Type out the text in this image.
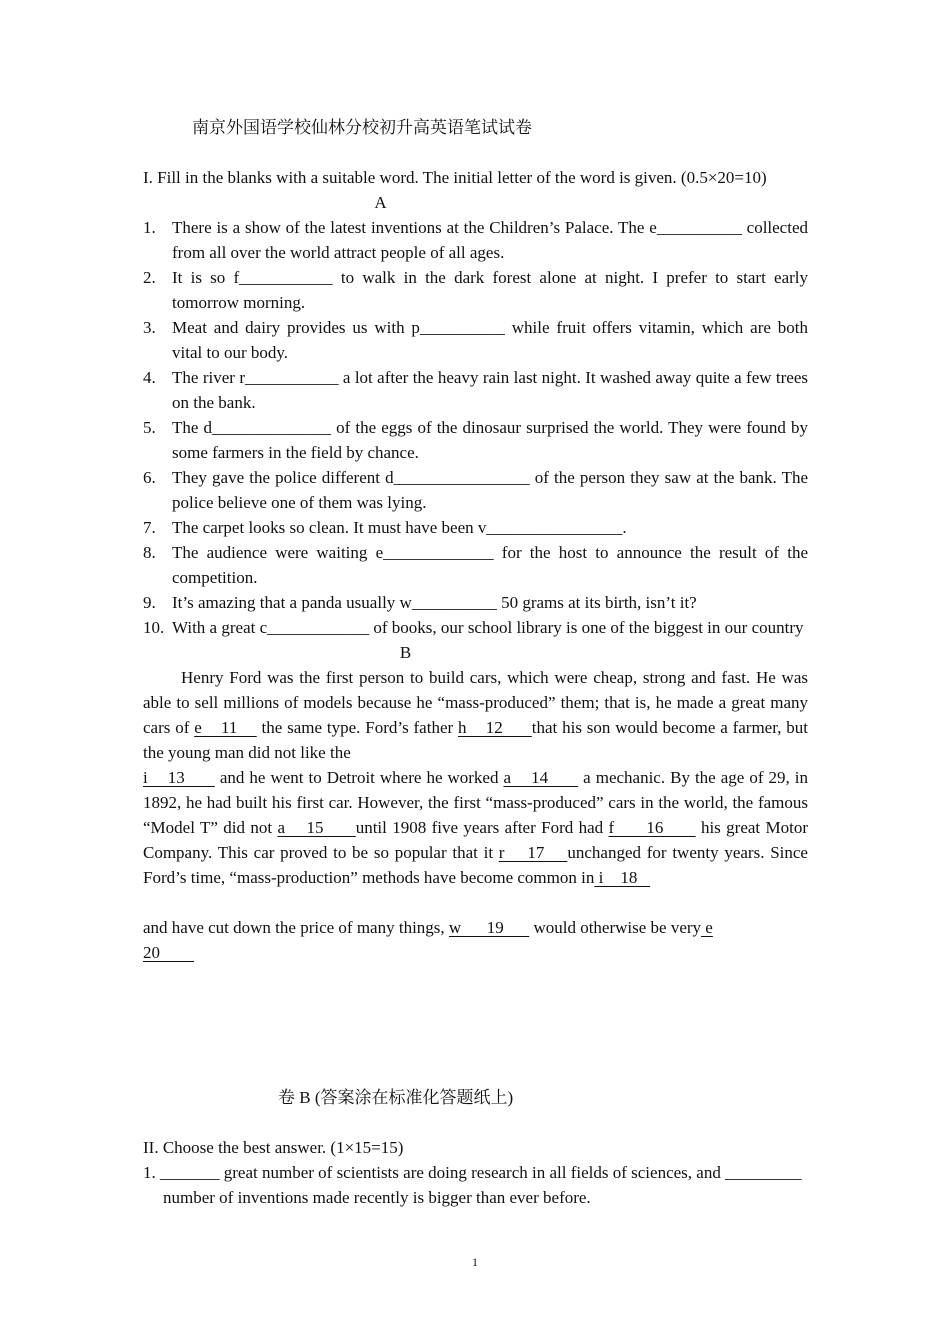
南京外国语学校仙林分校初升高英语笔试试卷
I. Fill in the blanks with a suitable word. The initial letter of the word is given. (0.5×20=10)
A
1. There is a show of the latest inventions at the Children’s Palace. The e__________ collected from all over the world attract people of all ages.
2. It is so f___________ to walk in the dark forest alone at night. I prefer to start early tomorrow morning.
3. Meat and dairy provides us with p__________ while fruit offers vitamin, which are both vital to our body.
4. The river r___________ a lot after the heavy rain last night. It washed away quite a few trees on the bank.
5. The d______________ of the eggs of the dinosaur surprised the world. They were found by some farmers in the field by chance.
6. They gave the police different d________________ of the person they saw at the bank. The police believe one of them was lying.
7. The carpet looks so clean. It must have been v________________.
8. The audience were waiting e_____________ for the host to announce the result of the competition.
9. It’s amazing that a panda usually w__________ 50 grams at its birth, isn’t it?
10. With a great c____________ of books, our school library is one of the biggest in our country
B

Henry Ford was the first person to build cars, which were cheap, strong and fast. He was able to sell millions of models because he “mass-produced” them; that is, he made a great many cars of e    11     the same type. Ford’s father h    12      that his son would become a farmer, but the young man did not like the

i    13       and he went to Detroit where he worked a    14       a mechanic. By the age of 29, in 1892, he had built his first car. However, the first “mass-produced” cars in the world, the famous “Model T” did not a    15      until 1908 five years after Ford had f      16       his great Motor Company. This car proved to be so popular that it r    17    unchanged for twenty years. Since Ford’s time, “mass-production” methods have become common in i    18

and have cut down the price of many things, w      19       would otherwise be very e

20

卷 B (答案涂在标准化答题纸上)
II. Choose the best answer. (1×15=15)
1. _______ great number of scientists are doing research in all fields of sciences, and _________ number of inventions made recently is bigger than ever before.
1
